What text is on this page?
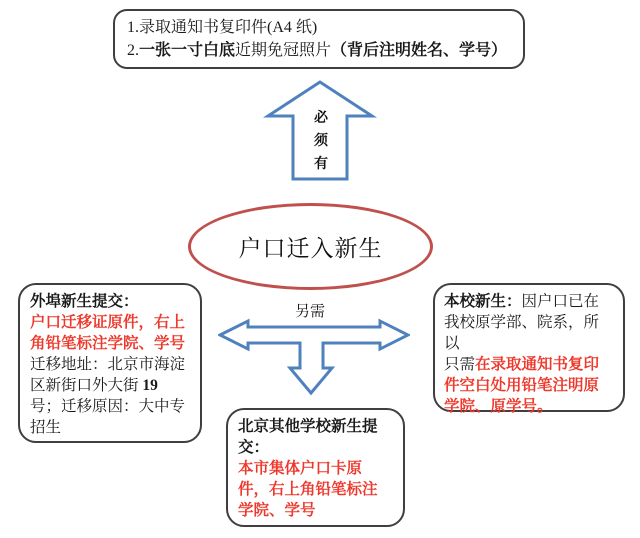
1.录取通知书复印件(A4 纸)

2.一张一寸白底近期免冠照片（背后注明姓名、学号）

必
须
有
户口迁入新生
另需

外埠新生提交：
户口迁移证原件，右上
角铅笔标注学院、学号
迁移地址：北京市海淀
区新街口外大街 19
号；迁移原因：大中专
招生

本校新生：因户口已在
我校原学部、院系，所以
只需在录取通知书复印
件空白处用铅笔注明原
学院、原学号。

北京其他学校新生提
交：
本市集体户口卡原
件，右上角铅笔标注
学院、学号
